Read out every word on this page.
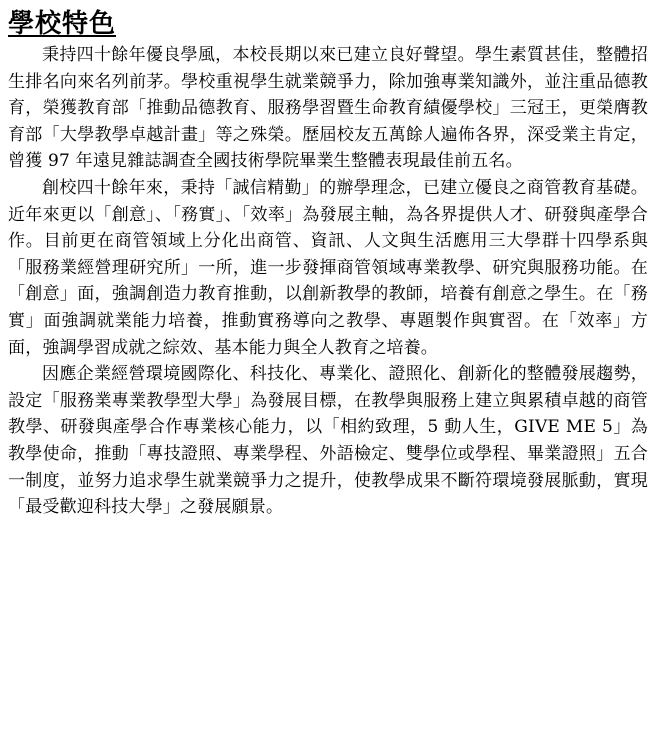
學校特色

秉持四十餘年優良學風，本校長期以來已建立良好聲望。學生素質甚佳，整體招生排名向來名列前茅。學校重視學生就業競爭力，除加強專業知識外，並注重品德教育，榮獲教育部「推動品德教育、服務學習暨生命教育績優學校」三冠王，更榮膺教育部「大學教學卓越計畫」等之殊榮。歷屆校友五萬餘人遍佈各界，深受業主肯定，曾獲 97 年遠見雜誌調查全國技術學院畢業生整體表現最佳前五名。

創校四十餘年來，秉持「誠信精勤」的辦學理念，已建立優良之商管教育基礎。近年來更以「創意」、「務實」、「效率」為發展主軸，為各界提供人才、研發與產學合作。目前更在商管領域上分化出商管、資訊、人文與生活應用三大學群十四學系與「服務業經營理研究所」一所，進一步發揮商管領域專業教學、研究與服務功能。在「創意」面，強調創造力教育推動，以創新教學的教師，培養有創意之學生。在「務實」面強調就業能力培養，推動實務導向之教學、專題製作與實習。在「效率」方面，強調學習成就之綜效、基本能力與全人教育之培養。

因應企業經營環境國際化、科技化、專業化、證照化、創新化的整體發展趨勢，設定「服務業專業教學型大學」為發展目標，在教學與服務上建立與累積卓越的商管教學、研發與產學合作專業核心能力，以「相約致理，5 動人生，GIVE ME 5」為教學使命，推動「專技證照、專業學程、外語檢定、雙學位或學程、畢業證照」五合一制度，並努力追求學生就業競爭力之提升，使教學成果不斷符環境發展脈動，實現「最受歡迎科技大學」之發展願景。
